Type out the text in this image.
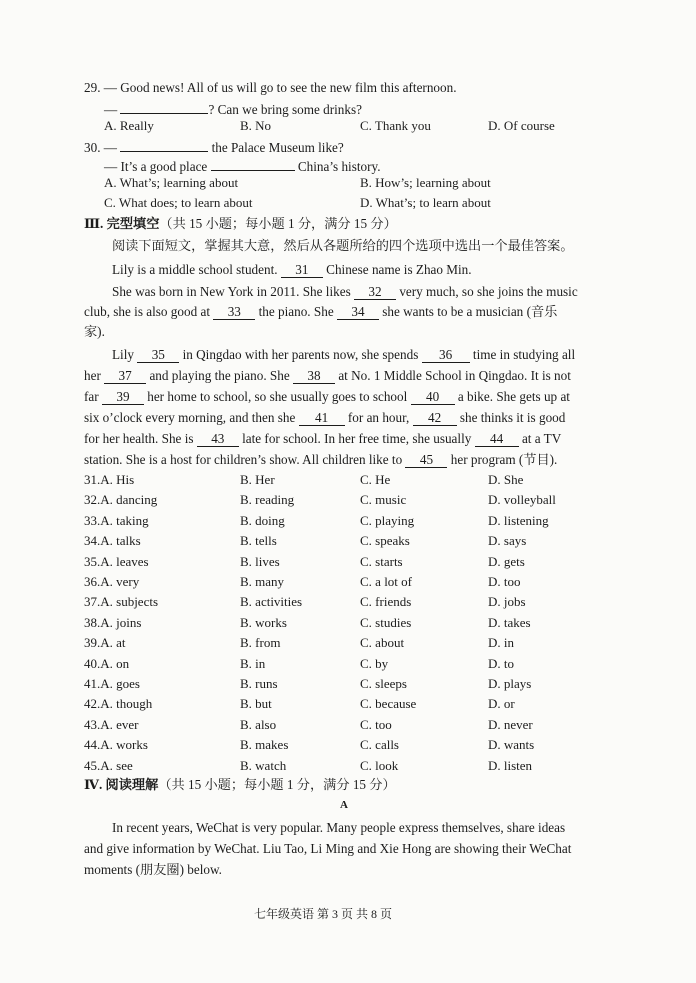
29. — Good news! All of us will go to see the new film this afternoon.
—	? Can we bring some drinks?
A. Really	B. No	C. Thank you	D. Of course
30. —	the Palace Museum like?
— It’s a good place	China’s history.
A. What’s; learning about	B. How’s; learning about
C. What does; to learn about	D. What’s; to learn about
Ⅲ. 完型填空（共 15 小题；每小题 1 分，满分 15 分）
阅读下面短文，掌握其大意，然后从各题所给的四个选项中选出一个最佳答案。
Lily is a middle school student. 31 Chinese name is Zhao Min.
She was born in New York in 2011. She likes 32 very much, so she joins the music
club, she is also good at 33 the piano. She 34 she wants to be a musician (音乐
家).
Lily 35 in Qingdao with her parents now, she spends 36 time in studying all
her 37 and playing the piano. She 38 at No. 1 Middle School in Qingdao. It is not
far 39 her home to school, so she usually goes to school 40 a bike. She gets up at
six o’clock every morning, and then she 41 for an hour, 42 she thinks it is good
for her health. She is 43 late for school. In her free time, she usually 44 at a TV
station. She is a host for children’s show. All children like to 45 her program (节目).
31.A. His	B. Her	C. He	D. She
32.A. dancing	B. reading	C. music	D. volleyball
33.A. taking	B. doing	C. playing	D. listening
34.A. talks	B. tells	C. speaks	D. says
35.A. leaves	B. lives	C. starts	D. gets
36.A. very	B. many	C. a lot of	D. too
37.A. subjects	B. activities	C. friends	D. jobs
38.A. joins	B. works	C. studies	D. takes
39.A. at	B. from	C. about	D. in
40.A. on	B. in	C. by	D. to
41.A. goes	B. runs	C. sleeps	D. plays
42.A. though	B. but	C. because	D. or
43.A. ever	B. also	C. too	D. never
44.A. works	B. makes	C. calls	D. wants
45.A. see	B. watch	C. look	D. listen
Ⅳ. 阅读理解（共 15 小题；每小题 1 分，满分 15 分）
A
In recent years, WeChat is very popular. Many people express themselves, share ideas
and give information by WeChat. Liu Tao, Li Ming and Xie Hong are showing their WeChat
moments (朋友圈) below.
七年级英语 第 3 页 共 8 页
